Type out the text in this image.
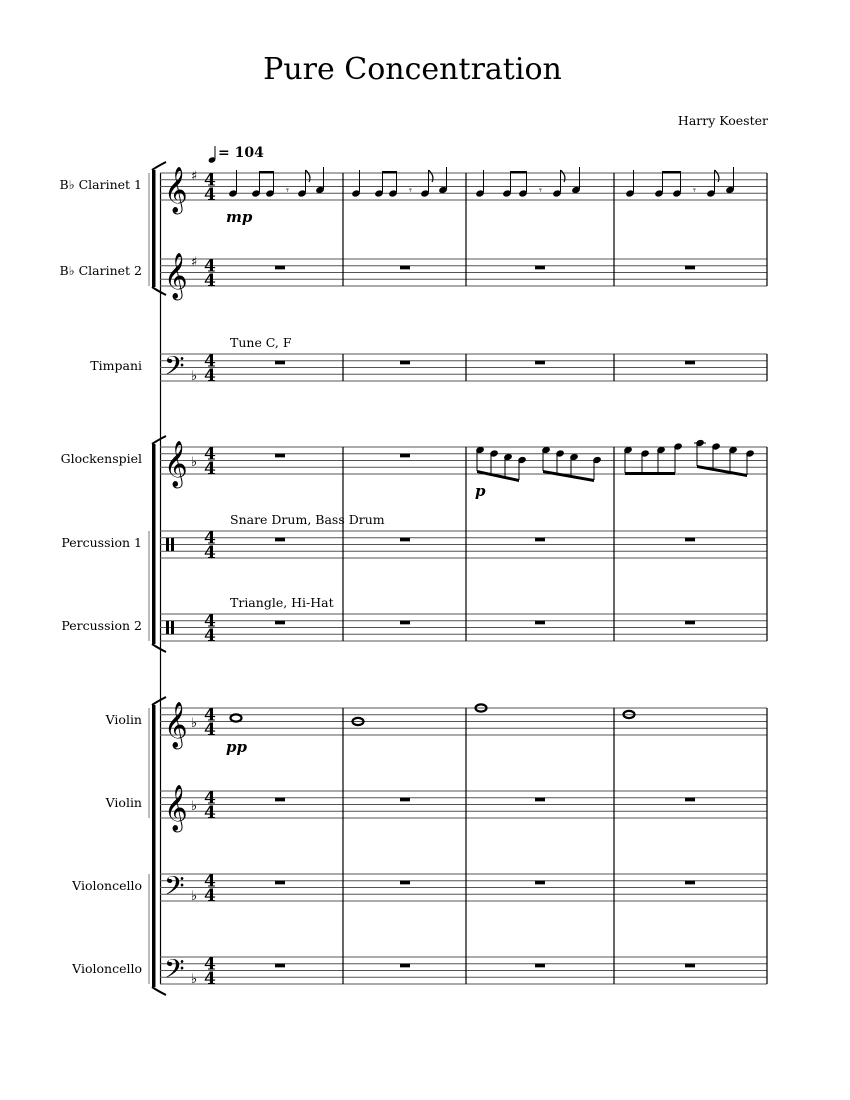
Pure Concentration
Harry Koester
= 104
B♭ Clarinet 1
B♭ Clarinet 2
Timpani
Glockenspiel
Percussion 1
Percussion 2
Violin
Violin
Violoncello
Violoncello
Tune C, F
Snare Drum, Bass Drum
Triangle, Hi-Hat
mp
p
pp
4
4
𝄞
𝄞
𝄢
𝄞
𝄞
𝄞
𝄢
𝄢
♯
♯
♭
♭
♭
♭
♭
♭
𝄾	𝄾	𝄾	𝄾
